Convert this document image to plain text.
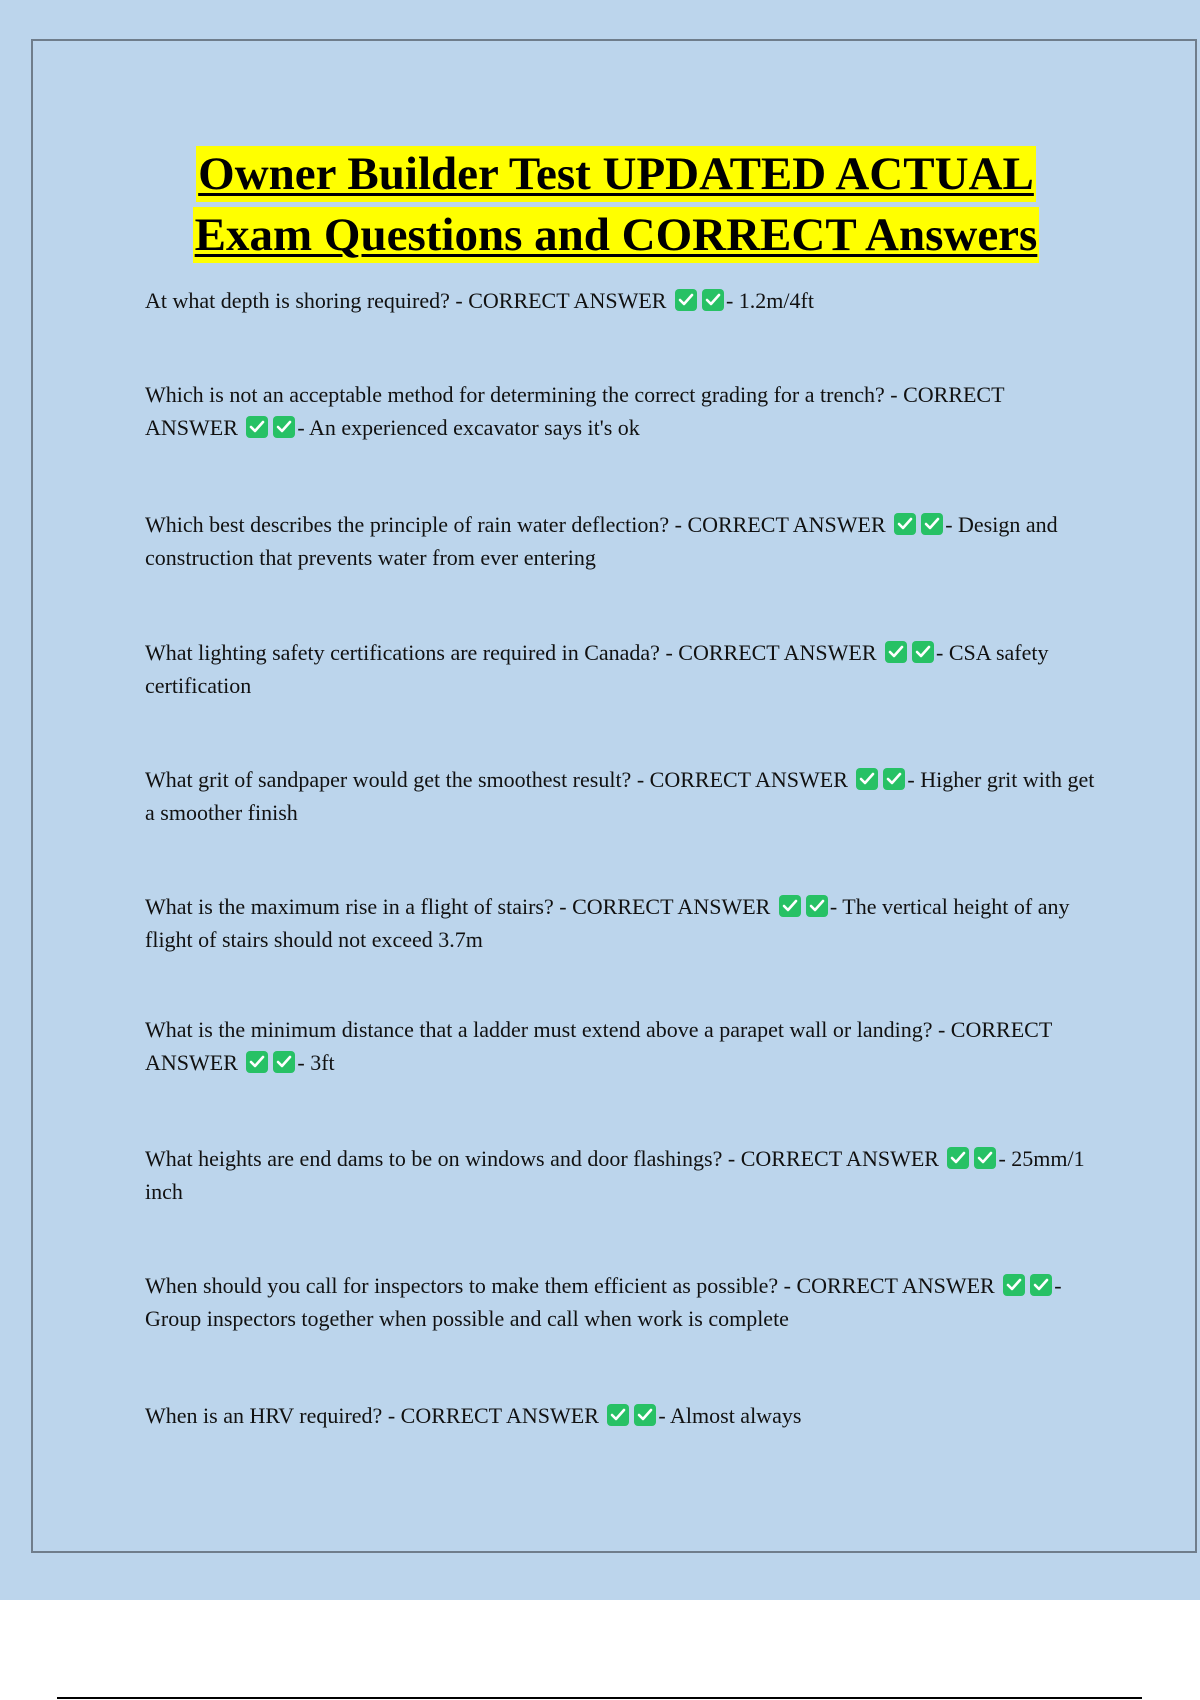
Owner Builder Test UPDATED ACTUAL
Exam Questions and CORRECT Answers
At what depth is shoring required? - CORRECT ANSWER	- 1.2m/4ft
Which is not an acceptable method for determining the correct grading for a trench? - CORRECT ANSWER	- An experienced excavator says it's ok
Which best describes the principle of rain water deflection? - CORRECT ANSWER	- Design and construction that prevents water from ever entering
What lighting safety certifications are required in Canada? - CORRECT ANSWER	- CSA safety certification
What grit of sandpaper would get the smoothest result? - CORRECT ANSWER	- Higher grit with get a smoother finish
What is the maximum rise in a flight of stairs? - CORRECT ANSWER	- The vertical height of any flight of stairs should not exceed 3.7m
What is the minimum distance that a ladder must extend above a parapet wall or landing? - CORRECT ANSWER	- 3ft
What heights are end dams to be on windows and door flashings? - CORRECT ANSWER	- 25mm/1 inch
When should you call for inspectors to make them efficient as possible? - CORRECT ANSWER	- Group inspectors together when possible and call when work is complete
When is an HRV required? - CORRECT ANSWER	- Almost always
